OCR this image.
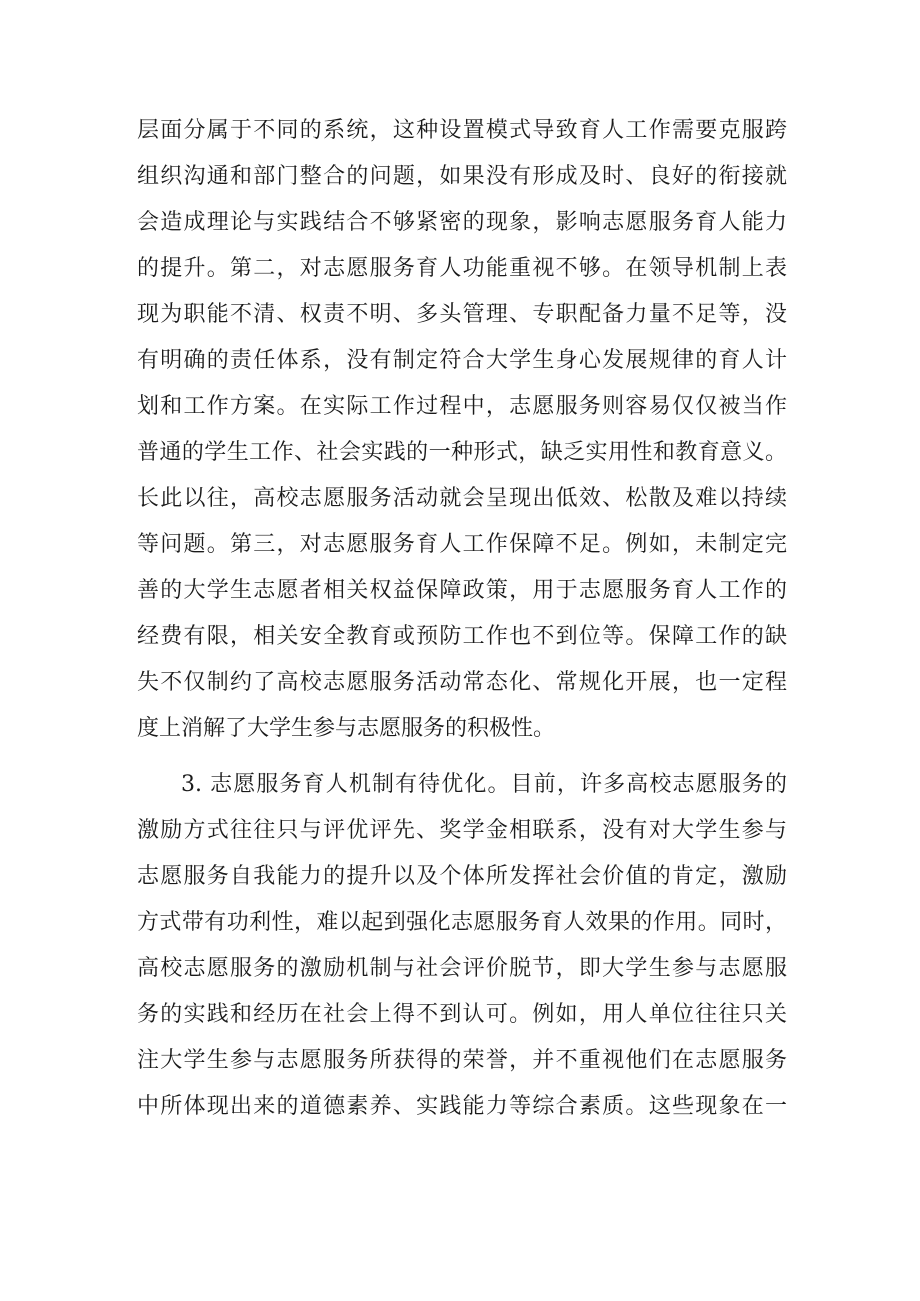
层面分属于不同的系统，这种设置模式导致育人工作需要克服跨
组织沟通和部门整合的问题，如果没有形成及时、良好的衔接就
会造成理论与实践结合不够紧密的现象，影响志愿服务育人能力
的提升。第二，对志愿服务育人功能重视不够。在领导机制上表
现为职能不清、权责不明、多头管理、专职配备力量不足等，没
有明确的责任体系，没有制定符合大学生身心发展规律的育人计
划和工作方案。在实际工作过程中，志愿服务则容易仅仅被当作
普通的学生工作、社会实践的一种形式，缺乏实用性和教育意义。
长此以往，高校志愿服务活动就会呈现出低效、松散及难以持续
等问题。第三，对志愿服务育人工作保障不足。例如，未制定完
善的大学生志愿者相关权益保障政策，用于志愿服务育人工作的
经费有限，相关安全教育或预防工作也不到位等。保障工作的缺
失不仅制约了高校志愿服务活动常态化、常规化开展，也一定程
度上消解了大学生参与志愿服务的积极性。
3. 志愿服务育人机制有待优化。目前，许多高校志愿服务的
激励方式往往只与评优评先、奖学金相联系，没有对大学生参与
志愿服务自我能力的提升以及个体所发挥社会价值的肯定，激励
方式带有功利性，难以起到强化志愿服务育人效果的作用。同时，
高校志愿服务的激励机制与社会评价脱节，即大学生参与志愿服
务的实践和经历在社会上得不到认可。例如，用人单位往往只关
注大学生参与志愿服务所获得的荣誉，并不重视他们在志愿服务
中所体现出来的道德素养、实践能力等综合素质。这些现象在一
